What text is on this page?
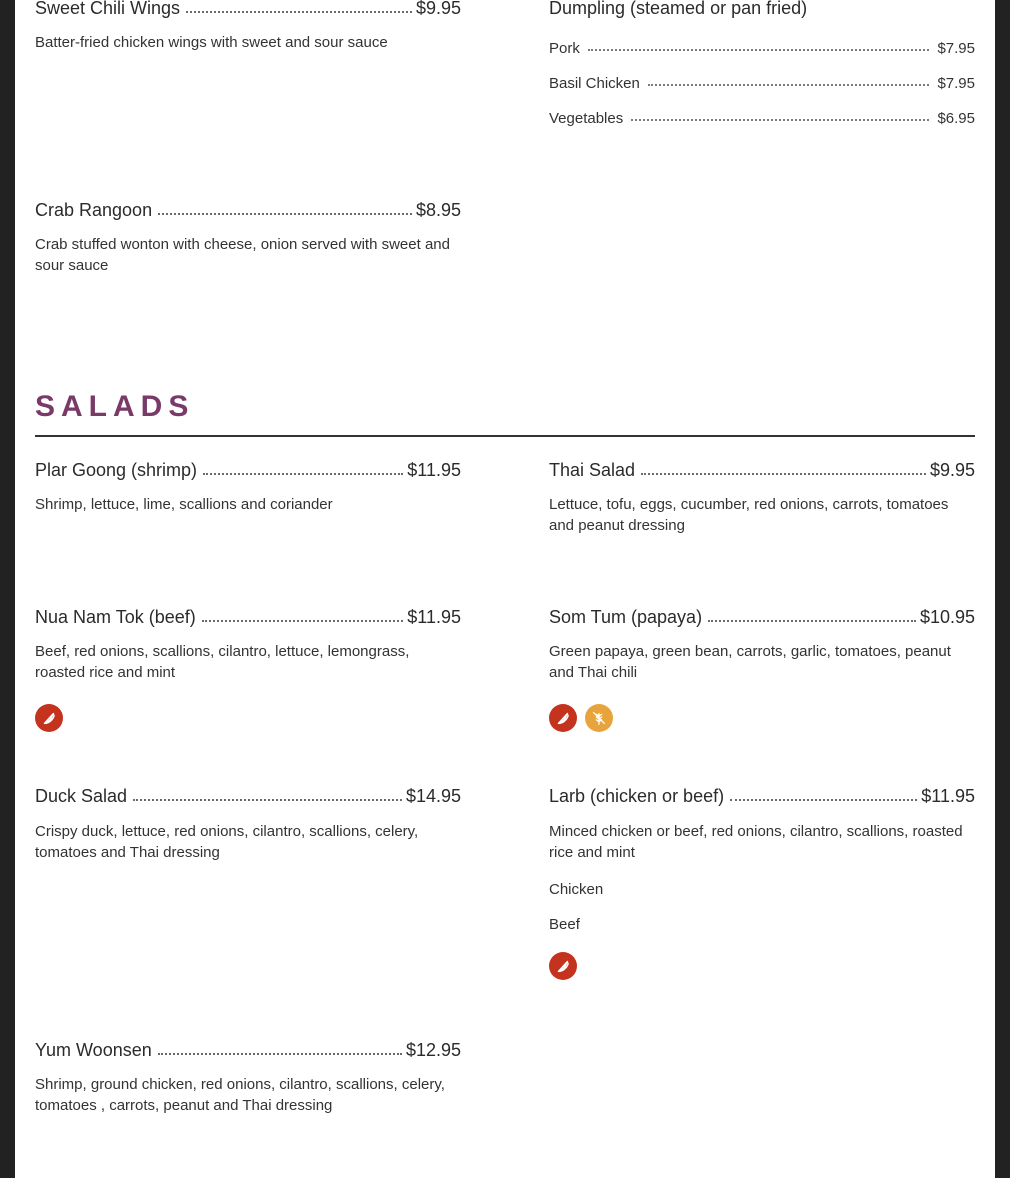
Sweet Chili Wings	$9.95
Batter-fried chicken wings with sweet and sour sauce
Dumpling (steamed or pan fried)
Pork	$7.95
Basil Chicken	$7.95
Vegetables	$6.95
Crab Rangoon	$8.95
Crab stuffed wonton with cheese, onion served with sweet and sour sauce
SALADS
Plar Goong (shrimp)	$11.95
Shrimp, lettuce, lime, scallions and coriander
Thai Salad	$9.95
Lettuce, tofu, eggs, cucumber, red onions, carrots, tomatoes and peanut dressing
Nua Nam Tok (beef)	$11.95
Beef, red onions, scallions, cilantro, lettuce, lemongrass, roasted rice and mint
Som Tum (papaya)	$10.95
Green papaya, green bean, carrots, garlic, tomatoes, peanut and Thai chili
Duck Salad	$14.95
Crispy duck, lettuce, red onions, cilantro, scallions, celery, tomatoes and Thai dressing
Larb (chicken or beef)	$11.95
Minced chicken or beef, red onions, cilantro, scallions, roasted rice and mint
Chicken
Beef
Yum Woonsen	$12.95
Shrimp, ground chicken, red onions, cilantro, scallions, celery, tomatoes , carrots, peanut and Thai dressing
